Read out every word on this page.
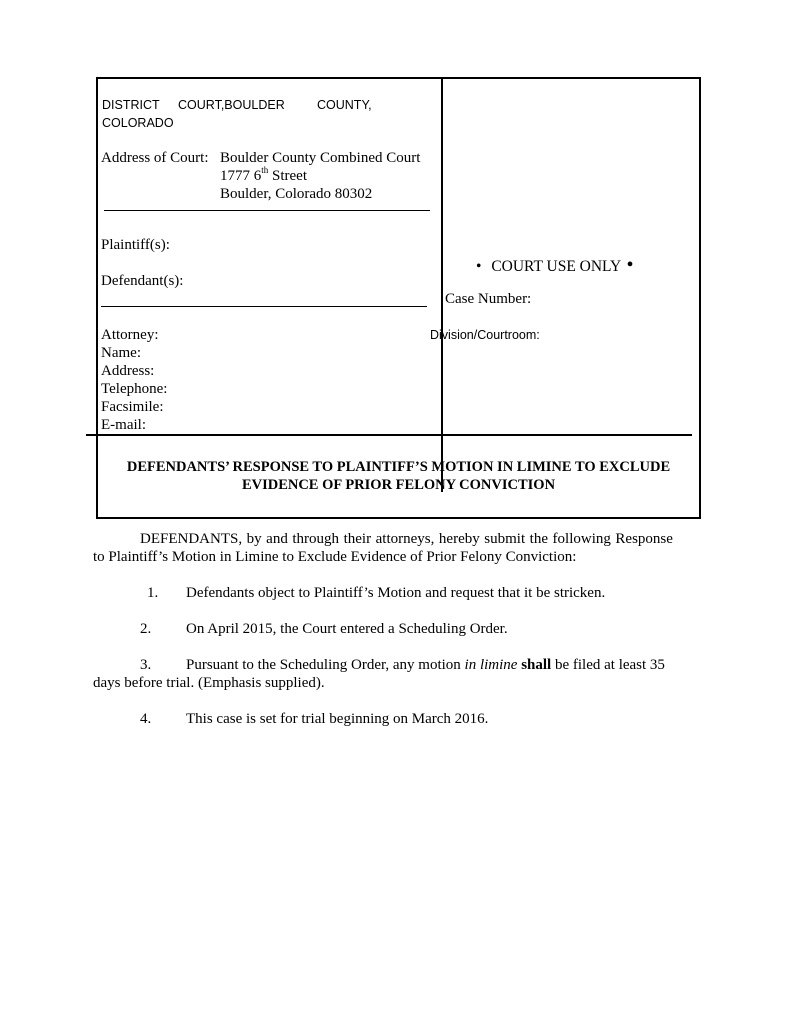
DISTRICT COURT,BOULDER	COUNTY,
COLORADO
Address of Court: Boulder County Combined Court
1777 6th Street
Boulder, Colorado 80302
Plaintiff(s):
Defendant(s):
Attorney:
Name:
Address:
Telephone:
Facsimile:
E-mail:
• COURT USE ONLY •
Case Number:
Division/Courtroom:
DEFENDANTS’ RESPONSE TO PLAINTIFF’S MOTION IN LIMINE TO EXCLUDE
EVIDENCE OF PRIOR FELONY CONVICTION
DEFENDANTS, by and through their attorneys, hereby submit the following Response
to Plaintiff’s Motion in Limine to Exclude Evidence of Prior Felony Conviction:
1. Defendants object to Plaintiff’s Motion and request that it be stricken.
2. On April 2015, the Court entered a Scheduling Order.
3. Pursuant to the Scheduling Order, any motion in limine shall be filed at least 35
days before trial. (Emphasis supplied).
4. This case is set for trial beginning on March 2016.
